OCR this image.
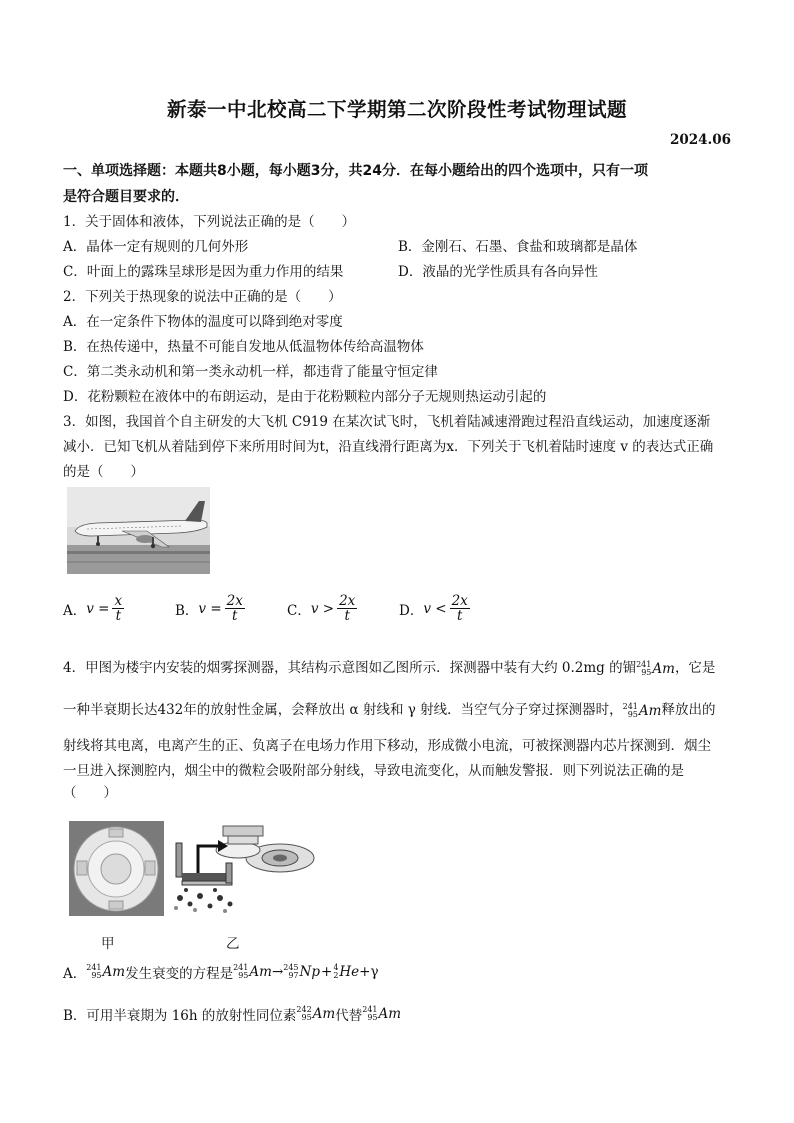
新泰一中北校高二下学期第二次阶段性考试物理试题
2024.06
一、单项选择题：本题共8小题，每小题3分，共24分．在每小题给出的四个选项中，只有一项
是符合题目要求的．
1．关于固体和液体，下列说法正确的是（　　）
A．晶体一定有规则的几何外形	B．金刚石、石墨、食盐和玻璃都是晶体
C．叶面上的露珠呈球形是因为重力作用的结果	D．液晶的光学性质具有各向异性
2．下列关于热现象的说法中正确的是（　　）
A．在一定条件下物体的温度可以降到绝对零度
B．在热传递中，热量不可能自发地从低温物体传给高温物体
C．第二类永动机和第一类永动机一样，都违背了能量守恒定律
D．花粉颗粒在液体中的布朗运动，是由于花粉颗粒内部分子无规则热运动引起的
3．如图，我国首个自主研发的大飞机 C919 在某次试飞时，飞机着陆减速滑跑过程沿直线运动，加速度逐渐
减小．已知飞机从着陆到停下来所用时间为t，沿直线滑行距离为x．下列关于飞机着陆时速度 v 的表达式正确
的是（　　）
A． $v = \frac{x}{t}$	B． $v = \frac{2x}{t}$	C． $v > \frac{2x}{t}$	D． $v < \frac{2x}{t}$
4．甲图为楼宇内安装的烟雾探测器，其结构示意图如乙图所示．探测器中装有大约 0.2mg 的镅 241
95 Am ，它是
一种半衰期长达432年的放射性金属，会释放出 α 射线和 γ 射线．当空气分子穿过探测器时， 241
95 Am 释放出的
射线将其电离，电离产生的正、负离子在电场力作用下移动，形成微小电流，可被探测器内芯片探测到．烟尘
一旦进入探测腔内，烟尘中的微粒会吸附部分射线，导致电流变化，从而触发警报．则下列说法正确的是
（　　）
甲	乙
A． 241
95 Am 发生衰变的方程是 241
95 Am → 245
97 Np + 4
2 He +γ
B．可用半衰期为 16h 的放射性同位素 242
95 Am 代替 241
95 Am
